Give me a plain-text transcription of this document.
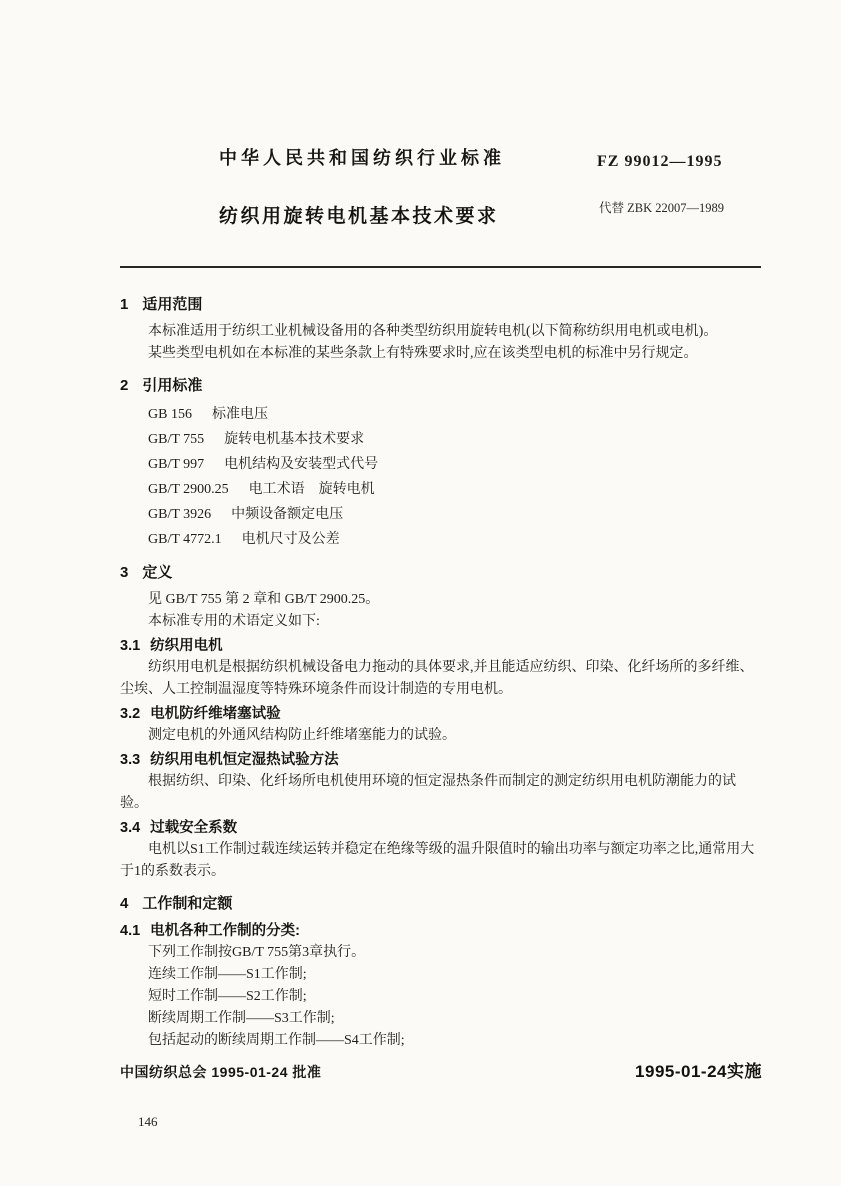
中华人民共和国纺织行业标准	FZ 99012—1995
纺织用旋转电机基本技术要求	代替 ZBK 22007—1989
1 适用范围

本标准适用于纺织工业机械设备用的各种类型纺织用旋转电机(以下简称纺织用电机或电机)。

某些类型电机如在本标准的某些条款上有特殊要求时,应在该类型电机的标准中另行规定。

2 引用标准
GB 156 标准电压
GB/T 755 旋转电机基本技术要求
GB/T 997 电机结构及安装型式代号
GB/T 2900.25 电工术语　旋转电机
GB/T 3926 中频设备额定电压
GB/T 4772.1 电机尺寸及公差
3 定义

见 GB/T 755 第 2 章和 GB/T 2900.25。

本标准专用的术语定义如下:

3.1 纺织用电机

纺织用电机是根据纺织机械设备电力拖动的具体要求,并且能适应纺织、印染、化纤场所的多纤维、尘埃、人工控制温湿度等特殊环境条件而设计制造的专用电机。

3.2 电机防纤维堵塞试验

测定电机的外通风结构防止纤维堵塞能力的试验。

3.3 纺织用电机恒定湿热试验方法

根据纺织、印染、化纤场所电机使用环境的恒定湿热条件而制定的测定纺织用电机防潮能力的试验。

3.4 过载安全系数

电机以S1工作制过载连续运转并稳定在绝缘等级的温升限值时的输出功率与额定功率之比,通常用大于1的系数表示。

4 工作制和定额
4.1 电机各种工作制的分类:
下列工作制按GB/T 755第3章执行。
连续工作制——S1工作制;
短时工作制——S2工作制;
断续周期工作制——S3工作制;
包括起动的断续周期工作制——S4工作制;
中国纺织总会 1995-01-24 批准	1995-01-24实施
146
